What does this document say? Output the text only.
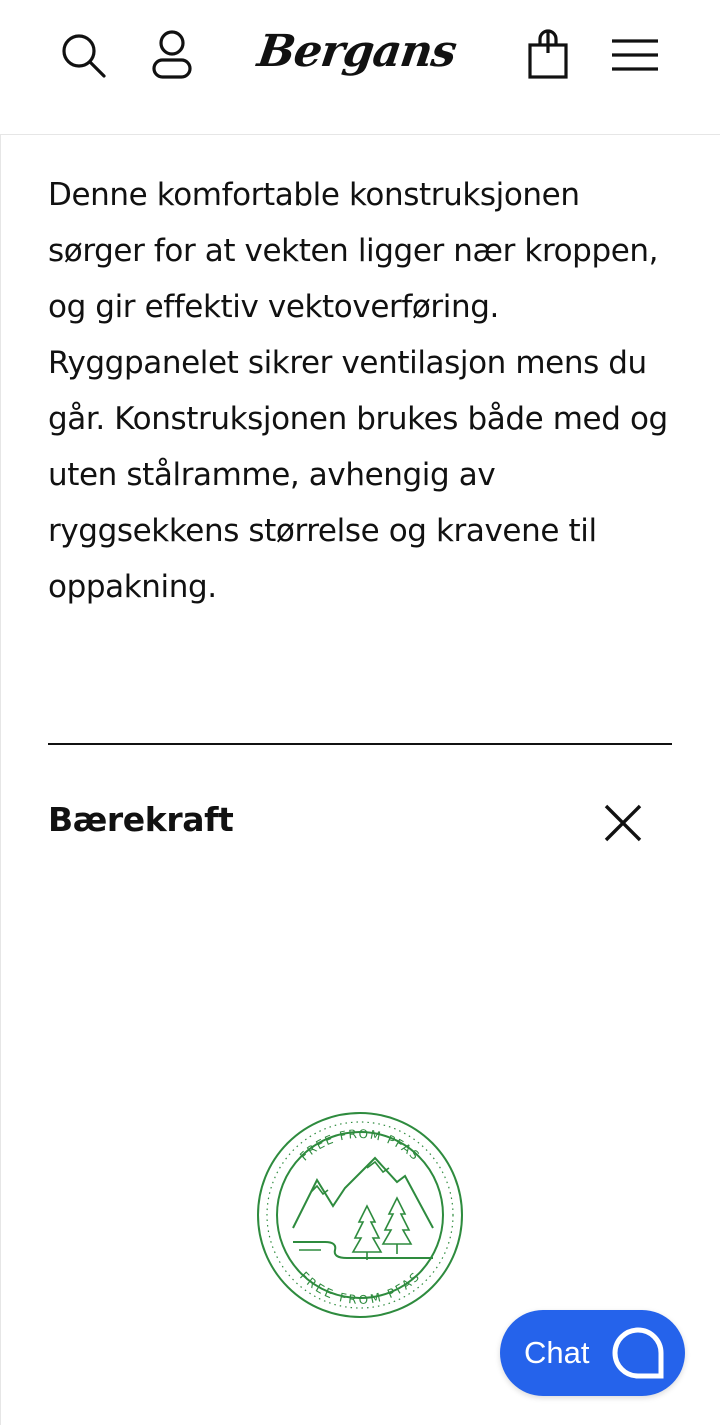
Bergans

Denne komfortable konstruksjonen sørger for at vekten ligger nær kroppen, og gir effektiv vektoverføring. Ryggpanelet sikrer ventilasjon mens du går. Konstruksjonen brukes både med og uten stålramme, avhengig av ryggsekkens størrelse og kravene til oppakning.

Bærekraft
FREE FROM PFAS
FREE FROM PFAS
Chat
